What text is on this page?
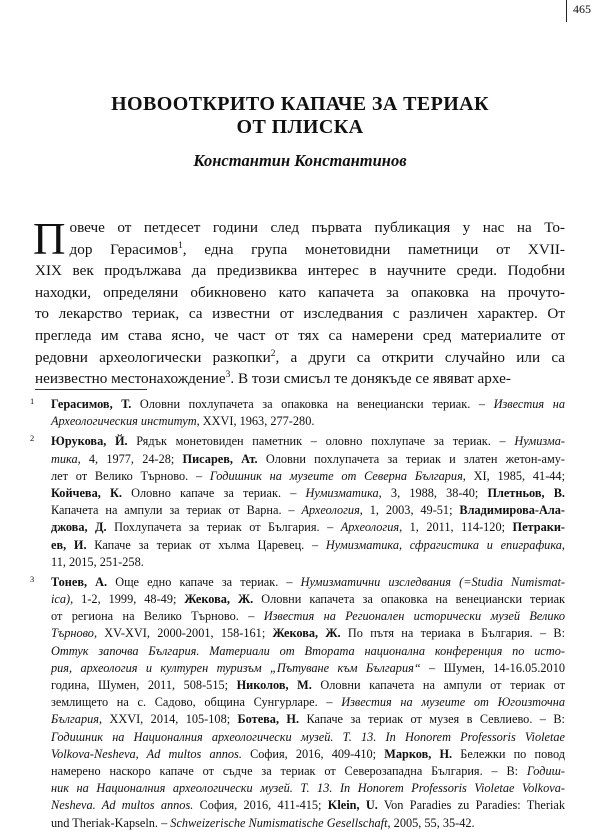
465
НОВООТКРИТО КАПАЧЕ ЗА ТЕРИАК
ОТ ПЛИСКА
Константин Константинов
П овече от петдесет години след първата публикация у нас на То-
дор Герасимов$^1$, една група монетовидни паметници от XVII-
XIX век продължава да предизвиква интерес в научните среди. Подобни
находки, определяни обикновено като капачета за опаковка на прочуто-
то лекарство териак, са известни от изследвания с различен характер. От
прегледа им става ясно, че част от тях са намерени сред материалите от
редовни археологически разкопки$^2$, а други са открити случайно или са
неизвестно местонахождение$^3$. В този смисъл те донякъде се явяват архе-
1 Герасимов, Т. Оловни похлупачета за опаковка на венециански териак. – Известия на
Археологическия институт, XXVI, 1963, 277-280.
2 Юрукова, Й. Рядък монетовиден паметник – оловно похлупаче за териак. – Нумизма-
тика, 4, 1977, 24-28; Писарев, Ат. Оловни похлупачета за териак и златен жетон-аму-
лет от Велико Търново. – Годишник на музеите от Северна България, XI, 1985, 41-44;
Койчева, К. Оловно капаче за териак. – Нумизматика, 3, 1988, 38-40; Плетньов, В.
Капачета на ампули за териак от Варна. – Археология, 1, 2003, 49-51; Владимирова-Ала-
джова, Д. Похлупачета за териак от България. – Археология, 1, 2011, 114-120; Петраки-
ев, И. Капаче за териак от хълма Царевец. – Нумизматика, сфрагистика и епиграфика,
11, 2015, 251-258.
3 Тонев, А. Още едно капаче за териак. – Нумизматични изследвания (=Studia Numismat-
ica), 1-2, 1999, 48-49; Жекова, Ж. Оловни капачета за опаковка на венециански териак
от региона на Велико Търново. – Известия на Регионален исторически музей Велико
Търново, XV-XVI, 2000-2001, 158-161; Жекова, Ж. По пътя на териака в България. – В:
Оттук започва България. Материали от Втората национална конференция по исто-
рия, археология и културен туризъм „Пътуване към България“ – Шумен, 14-16.05.2010
година, Шумен, 2011, 508-515; Николов, М. Оловни капачета на ампули от териак от
землището на с. Садово, община Сунгурларе. – Известия на музеите от Югоизточна
България, XXVI, 2014, 105-108; Ботева, Н. Капаче за териак от музея в Севлиево. – В:
Годишник на Националния археологически музей. Т. 13. In Honorem Professoris Violetae
Volkova-Nesheva, Ad multos annos. София, 2016, 409-410; Марков, Н. Бележки по повод
намерено наскоро капаче от съдче за териак от Северозападна България. – В: Годиш-
ник на Националния археологически музей. Т. 13. In Honorem Professoris Violetae Volkova-
Nesheva. Ad multos annos. София, 2016, 411-415; Klein, U. Von Paradies zu Paradies: Theriak
und Theriak-Kapseln. – Schweizerische Numismatische Gesellschaft, 2005, 55, 35-42.
